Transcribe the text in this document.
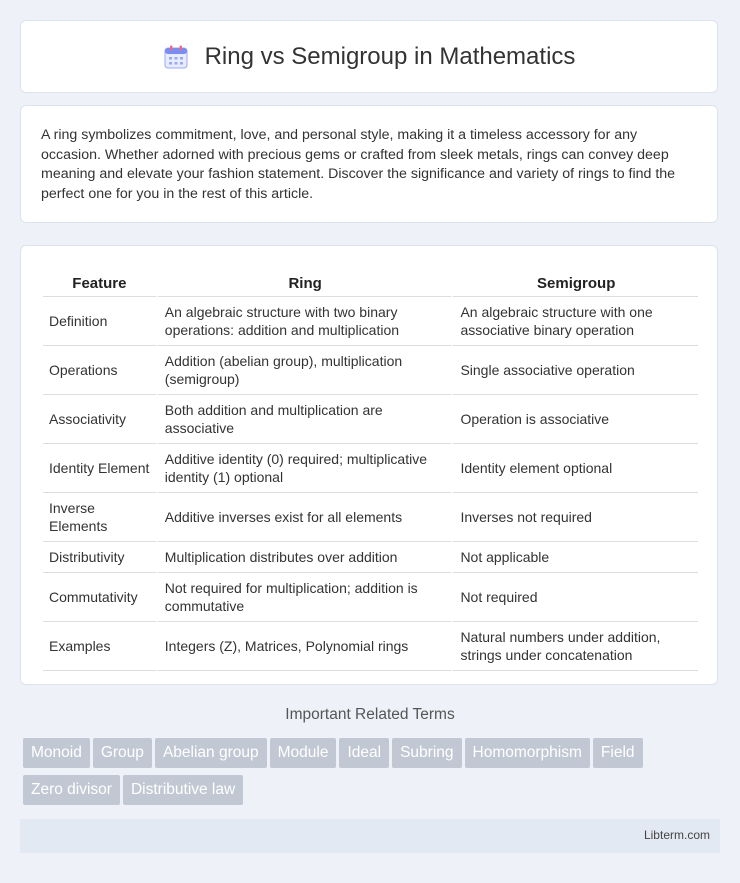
Ring vs Semigroup in Mathematics

A ring symbolizes commitment, love, and personal style, making it a timeless accessory for any occasion. Whether adorned with precious gems or crafted from sleek metals, rings can convey deep meaning and elevate your fashion statement. Discover the significance and variety of rings to find the perfect one for you in the rest of this article.

Feature	Ring	Semigroup
Definition	An algebraic structure with two binary operations: addition and multiplication	An algebraic structure with one associative binary operation
Operations	Addition (abelian group), multiplication (semigroup)	Single associative operation
Associativity	Both addition and multiplication are associative	Operation is associative
Identity Element	Additive identity (0) required; multiplicative identity (1) optional	Identity element optional
Inverse Elements	Additive inverses exist for all elements	Inverses not required
Distributivity	Multiplication distributes over addition	Not applicable
Commutativity	Not required for multiplication; addition is commutative	Not required
Examples	Integers (Z), Matrices, Polynomial rings	Natural numbers under addition, strings under concatenation
Important Related Terms
Monoid Group Abelian group Module Ideal Subring Homomorphism Field
Zero divisor Distributive law
Libterm.com
